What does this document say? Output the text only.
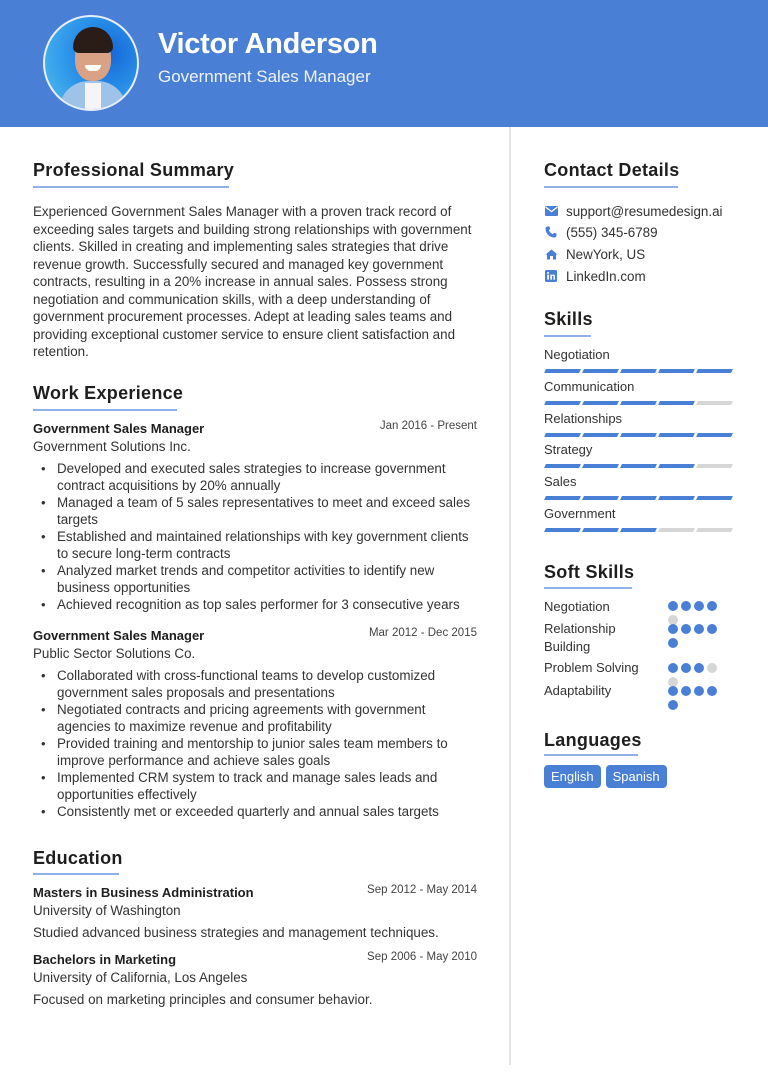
Victor Anderson
Government Sales Manager
Professional Summary
Experienced Government Sales Manager with a proven track record of exceeding sales targets and building strong relationships with government clients. Skilled in creating and implementing sales strategies that drive revenue growth. Successfully secured and managed key government contracts, resulting in a 20% increase in annual sales. Possess strong negotiation and communication skills, with a deep understanding of government procurement processes. Adept at leading sales teams and providing exceptional customer service to ensure client satisfaction and retention.
Work Experience
Government Sales Manager	Jan 2016 - Present
Government Solutions Inc.
• Developed and executed sales strategies to increase government contract acquisitions by 20% annually
• Managed a team of 5 sales representatives to meet and exceed sales targets
• Established and maintained relationships with key government clients to secure long-term contracts
• Analyzed market trends and competitor activities to identify new business opportunities
• Achieved recognition as top sales performer for 3 consecutive years
Government Sales Manager	Mar 2012 - Dec 2015
Public Sector Solutions Co.
• Collaborated with cross-functional teams to develop customized government sales proposals and presentations
• Negotiated contracts and pricing agreements with government agencies to maximize revenue and profitability
• Provided training and mentorship to junior sales team members to improve performance and achieve sales goals
• Implemented CRM system to track and manage sales leads and opportunities effectively
• Consistently met or exceeded quarterly and annual sales targets
Education
Masters in Business Administration	Sep 2012 - May 2014
University of Washington
Studied advanced business strategies and management techniques.
Bachelors in Marketing	Sep 2006 - May 2010
University of California, Los Angeles
Focused on marketing principles and consumer behavior.
Contact Details
support@resumedesign.ai
(555) 345-6789
NewYork, US
LinkedIn.com
Skills
Negotiation
Communication
Relationships
Strategy
Sales
Government
Soft Skills
Negotiation
Relationship Building
Problem Solving
Adaptability
Languages
English	Spanish
